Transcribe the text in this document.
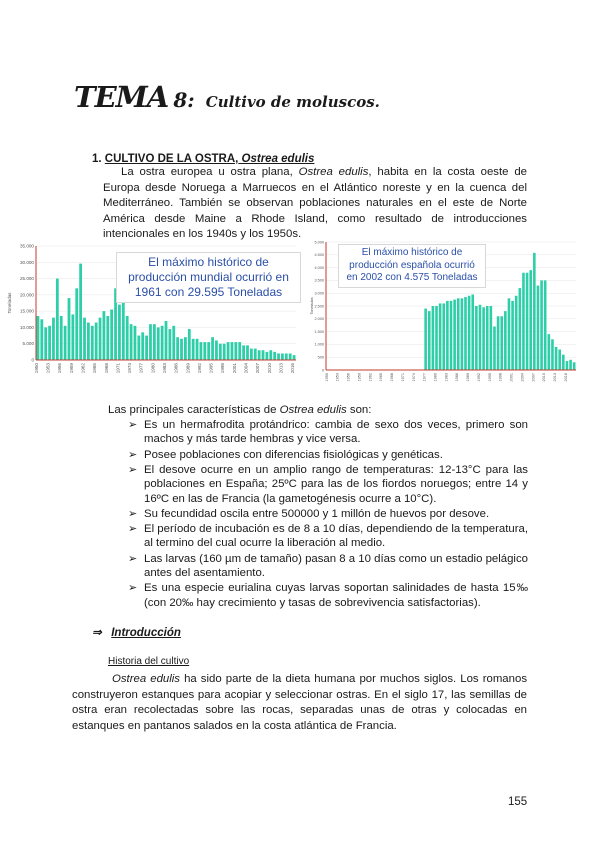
TEMA 8: Cultivo de moluscos.
1. CULTIVO DE LA OSTRA, Ostrea edulis
La ostra europea u ostra plana, Ostrea edulis, habita en la costa oeste de Europa desde Noruega a Marruecos en el Atlántico noreste y en la cuenca del Mediterráneo. También se observan poblaciones naturales en el este de Norte América desde Maine a Rhode Island, como resultado de introducciones intencionales en los 1940s y los 1950s.
Toneladas
0
5.000
10.000
15.000
20.000
25.000
30.000
35.000
1950 1953 1956 1959 1962 1965 1968 1971 1974 1977 1980 1983 1986 1989 1992 1995 1998 2001 2004 2007 2010 2013 2016
El máximo histórico de producción mundial ocurrió en 1961 con 29.595 Toneladas
Toneladas
0
500
1.000
1.500
2.000
2.500
3.000
3.500
4.000
4.500
5.000
1950 1953 1956 1959 1962 1965 1968 1971 1974 1977 1980 1983 1986 1989 1992 1995 1998 2001 2004 2007 2010 2013 2016
El máximo histórico de producción española ocurrió en 2002 con 4.575 Toneladas
Las principales características de Ostrea edulis son:
➢ Es un hermafrodita protándrico: cambia de sexo dos veces, primero son machos y más tarde hembras y vice versa.
➢ Posee poblaciones con diferencias fisiológicas y genéticas.
➢ El desove ocurre en un amplio rango de temperaturas: 12-13°C para las poblaciones en España; 25ºC para las de los fiordos noruegos; entre 14 y 16ºC en las de Francia (la gametogénesis ocurre a 10°C).
➢ Su fecundidad oscila entre 500000 y 1 millón de huevos por desove.
➢ El período de incubación es de 8 a 10 días, dependiendo de la temperatura, al termino del cual ocurre la liberación al medio.
➢ Las larvas (160 µm de tamaño) pasan 8 a 10 días como un estadio pelágico antes del asentamiento.
➢ Es una especie eurialina cuyas larvas soportan salinidades de hasta 15‰ (con 20‰ hay crecimiento y tasas de sobrevivencia satisfactorias).
⇒ Introducción
Historia del cultivo
Ostrea edulis ha sido parte de la dieta humana por muchos siglos. Los romanos construyeron estanques para acopiar y seleccionar ostras. En el siglo 17, las semillas de ostra eran recolectadas sobre las rocas, separadas unas de otras y colocadas en estanques en pantanos salados en la costa atlántica de Francia.
155
